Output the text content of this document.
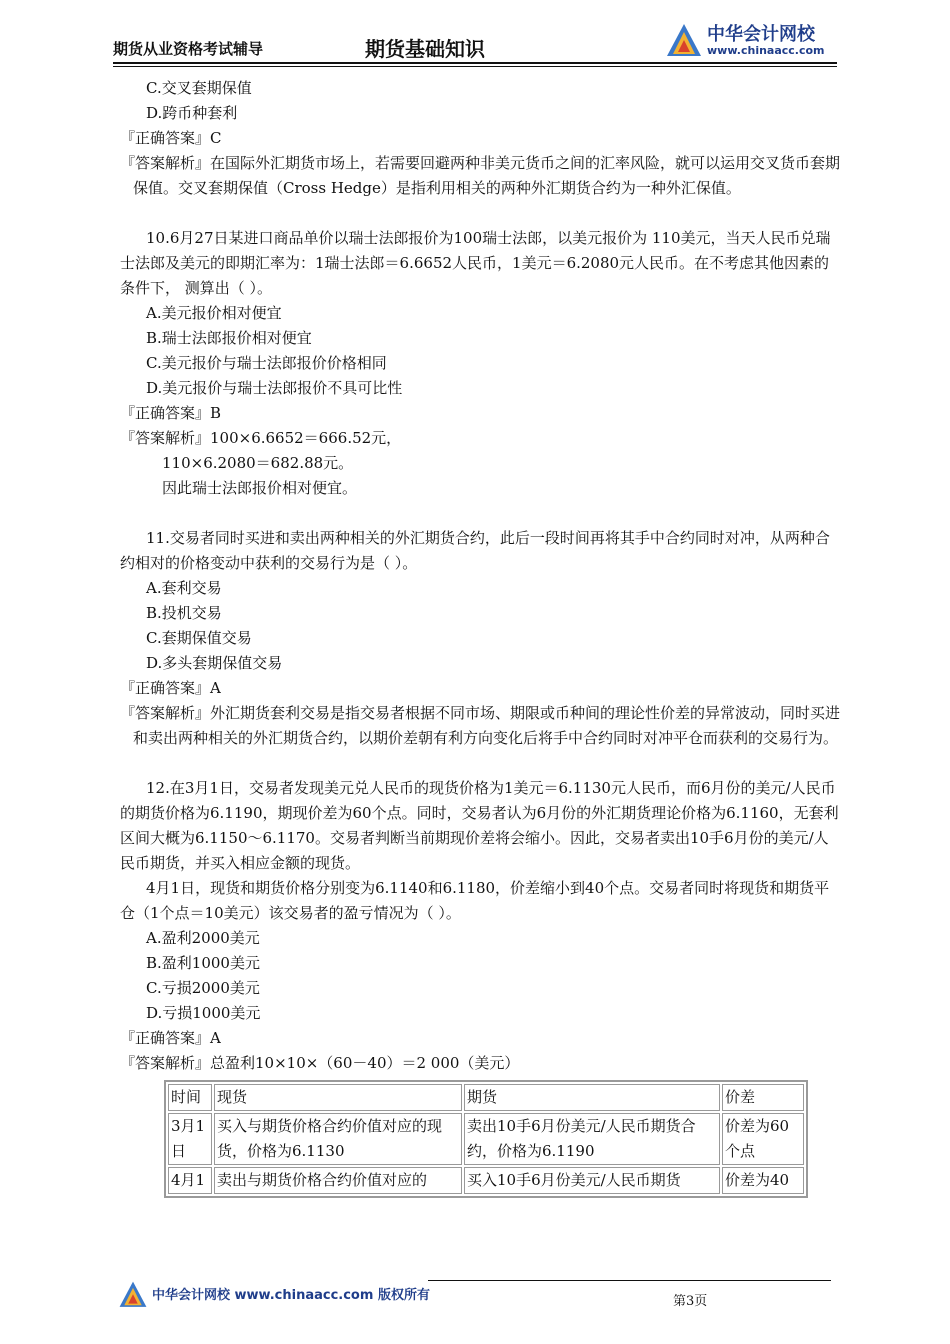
期货从业资格考试辅导	期货基础知识
中华会计网校
www.chinaacc.com

C.交叉套期保值

D.跨币种套利

『正确答案』C

『答案解析』在国际外汇期货市场上，若需要回避两种非美元货币之间的汇率风险，就可以运用交叉货币套期保值。交叉套期保值（Cross Hedge）是指利用相关的两种外汇期货合约为一种外汇保值。

10.6月27日某进口商品单价以瑞士法郎报价为100瑞士法郎，以美元报价为 110美元，当天人民币兑瑞士法郎及美元的即期汇率为：1瑞士法郎＝6.6652人民币，1美元＝6.2080元人民币。在不考虑其他因素的条件下， 测算出（ ）。

A.美元报价相对便宜

B.瑞士法郎报价相对便宜

C.美元报价与瑞士法郎报价价格相同

D.美元报价与瑞士法郎报价不具可比性

『正确答案』B

『答案解析』100×6.6652＝666.52元，

110×6.2080＝682.88元。

因此瑞士法郎报价相对便宜。

11.交易者同时买进和卖出两种相关的外汇期货合约，此后一段时间再将其手中合约同时对冲，从两种合约相对的价格变动中获利的交易行为是（ ）。

A.套利交易

B.投机交易

C.套期保值交易

D.多头套期保值交易

『正确答案』A

『答案解析』外汇期货套利交易是指交易者根据不同市场、期限或币种间的理论性价差的异常波动，同时买进和卖出两种相关的外汇期货合约，以期价差朝有利方向变化后将手中合约同时对冲平仓而获利的交易行为。

12.在3月1日，交易者发现美元兑人民币的现货价格为1美元＝6.1130元人民币，而6月份的美元/人民币的期货价格为6.1190，期现价差为60个点。同时，交易者认为6月份的外汇期货理论价格为6.1160，无套利区间大概为6.1150～6.1170。交易者判断当前期现价差将会缩小。因此，交易者卖出10手6月份的美元/人民币期货，并买入相应金额的现货。

4月1日，现货和期货价格分别变为6.1140和6.1180，价差缩小到40个点。交易者同时将现货和期货平仓（1个点＝10美元）该交易者的盈亏情况为（ ）。

A.盈利2000美元

B.盈利1000美元

C.亏损2000美元

D.亏损1000美元

『正确答案』A

『答案解析』总盈利10×10×（60－40）＝2 000（美元）

时间	现货	期货	价差
3月1日	买入与期货价格合约价值对应的现货，价格为6.1130	卖出10手6月份美元/人民币期货合约，价格为6.1190	价差为60个点
4月1	卖出与期货价格合约价值对应的	买入10手6月份美元/人民币期货	价差为40
中华会计网校 www.chinaacc.com 版权所有	第3页
